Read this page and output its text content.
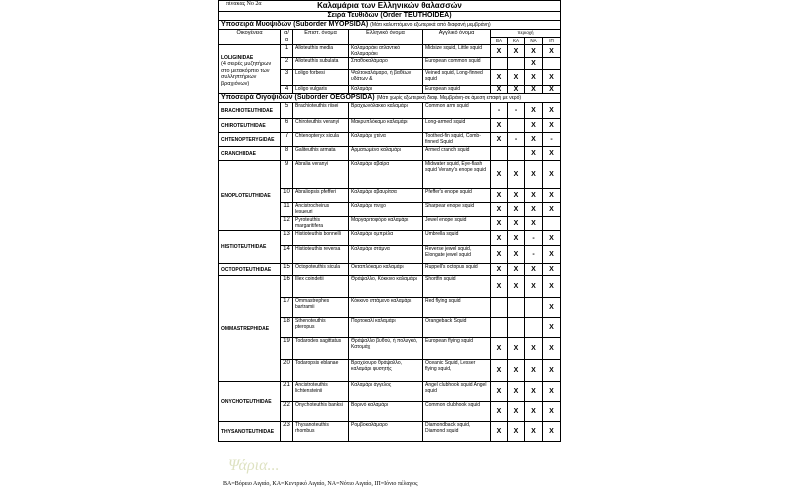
πίνακας Νο 2α	Καλαμάρια των Ελληνικών θαλασσών								
Σειρά Τευθιδών (Order TEUTHOIDEA)								
Υποσειρά Μυοψιδών (Suborder MYOPSIDA) (Μάτι καλυπτόμενο εξωτερικά από διαφανή μεμβράνη)								
Οικογένεια	α/α	Επιστ. όνομα	Ελληνικό όνομα	Αγγλικό όνομα	περιοχή			
					ΒΑ	ΚΑ	ΝΑ	ΙΠ

LOLIGINIDAE
(4 σειρές μυζητήρων στο μετακόρπιο των συλληπτήριων βραχιόνων)	1	Alloteuthis media	Καλαμαράκι ατλαντικό Καλαμαράκι	Midsize squid, Little squid	X	X	X	X
	2	Alloteuthis subulata	Σπαθοκαλάμαρο	European common squid			X	
	3	Loligo forbesi	Ψαλτοκαλάμαρο, ή βαθέων υδάτων &	Veined squid, Long-finned squid	X	X	X	X
	4	Loligo vulgaris	Καλαμάρι	European squid	X	X	X	X
Υποσειρά Οιγοψιδών (Suborder OEGOPSIDA) (Μάτι χωρίς εξωτερική διαφ. Μεμβράνη-σε άμεση επαφή με νερό)								
BRACHIOTEUTHIDAE	5	Brachioteuthis riisei	Βραχιωνόλακκο καλαμάρι	Common arm squid	-	-	X	X
CHIROTEUTHIDAE	6	Chiroteuthis veranyi	Μακρυπλόκαμο καλαμάρι	Long-armed squid	X		X	X
CHTENOPTERYGIDAE	7	Chtenopteryx sicula	Καλαμάρι χτένα	Toothed-fin squid, Comb-finned Squid	X	-	X	-
CRANCHIIDAE	8	Galiteuthis armata	Αρματωμένο καλαμάρι	Armed cranch squid			X	X
ENOPLOTEUTHIDAE	9	Abralia veranyi	Καλαμάρι αβαίρα	Midwater squid, Eye-flash squid Verany's enope squid	X	X	X	X
	10	Abraliopsis pfefferi	Καλαμάρι αβαυρίτσα	Pfeffer's enope squid	X	X	X	X
	11	Ancistrocheirus lesueuri	Καλαμάρι πνιχο	Sharpear enope squid	X	X	X	X
	12	Pyroteuthis margaritifera	Μαργαριτοφόρο καλαμάρι	Jewel enope squid	X	X	X	
HISTIOTEUTHIDAE	13	Histioteuthis bonnelli	Καλαμάρι ομπρέλα	Umbrella squid	X	X	-	X
	14	Histioteuthis reversa	Καλαμάρι στάμνα	Reverse jewel squid, Elongate jewel squid	X	X	-	X
OCTOPOTEUTHIDAE	15	Octopoteuthis sicula	Οκταπλόκαμο καλαμάρι	Ruppell's octopus squid	X	X	X	X
OMMASTREPHIDAE	16	Illex coindetii	Θράψαλλο, Κόκκινο καλαμάρι	Shortfin squid	X	X	X	X
	17	Ommastrephes bartramii	Κόκκινο ιπτάμενο καλαμάρι	Red flying squid				X
	18	Sthenoteuthis pteropus	Πορτοκαλί καλαμάρι	Orangeback Squid				X
	19	Todarodes sagittatus	Θράψαλλο βυθού, ή πολυγκό, Κατομάχ	European flying squid	X	X	X	X
	20	Todaropsis eblanae	Βραχύουρο θράψαλλο, καλαμάρι φυσητής	Oceanic Squid, Lesser flying squid,	X	X	X	X
ONYCHOTEUTHIDAE	21	Ancistroteuthis lichtensteinii	Καλαμάρι άγγελος	Angel clubhook squid Angel squid	X	X	X	X
	22	Onychoteuthis banksi	Βορινό καλαμάρι	Common clubhook squid	X	X	X	X
THYSANOTEUTHIDAE	23	Thysanoteuthis rhombus	Ρομβοκαλάμαρο	Diamondback squid, Diamond squid	X	X	X	X
Ψάρια...
ΒΑ=Βόρειο Αιγαίο, ΚΑ=Κεντρικό Αιγαίο, ΝΑ=Νότιο Αιγαίο, ΙΠ=Ιόνιο πέλαγος
